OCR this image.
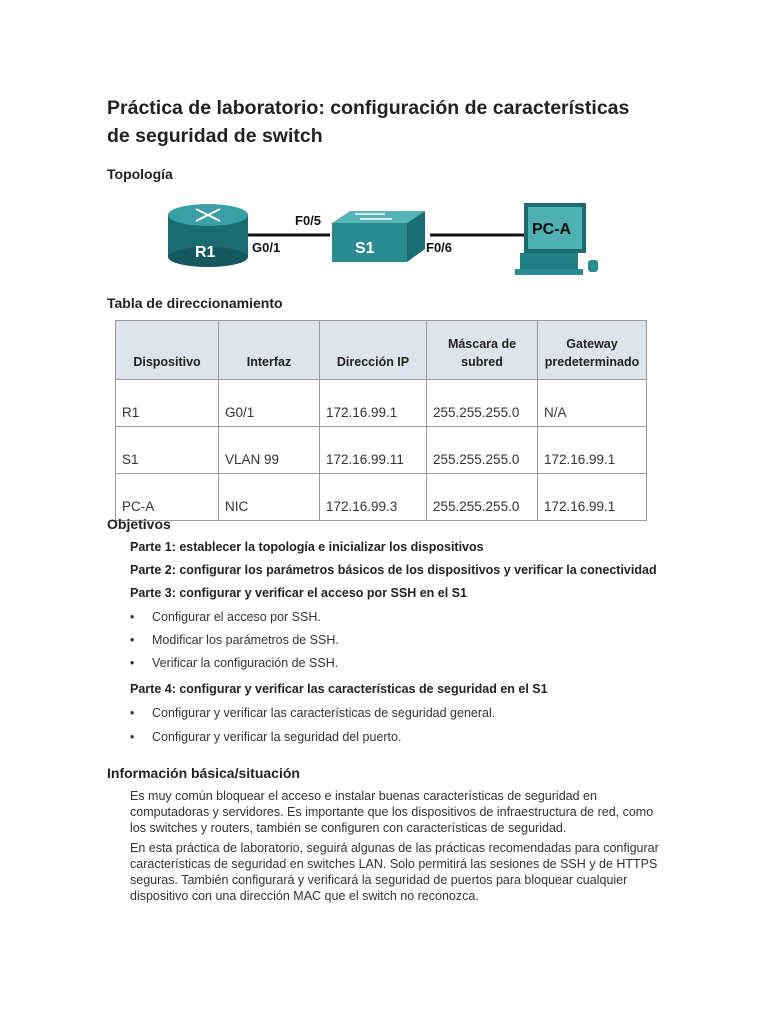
Práctica de laboratorio: configuración de características
de seguridad de switch
Topología
R1	S1
PC-A
F0/5
G0/1	F0/6
Tabla de direccionamiento
Dispositivo	Interfaz	Dirección IP	Máscara de subred	Gateway predeterminado
R1	G0/1	172.16.99.1	255.255.255.0	N/A
S1	VLAN 99	172.16.99.11	255.255.255.0	172.16.99.1
PC-A	NIC	172.16.99.3	255.255.255.0	172.16.99.1
Objetivos
Parte 1: establecer la topología e inicializar los dispositivos
Parte 2: configurar los parámetros básicos de los dispositivos y verificar la conectividad
Parte 3: configurar y verificar el acceso por SSH en el S1
• Configurar el acceso por SSH.
• Modificar los parámetros de SSH.
• Verificar la configuración de SSH.
Parte 4: configurar y verificar las características de seguridad en el S1
• Configurar y verificar las características de seguridad general.
• Configurar y verificar la seguridad del puerto.
Información básica/situación
Es muy común bloquear el acceso e instalar buenas características de seguridad en computadoras y servidores. Es importante que los dispositivos de infraestructura de red, como los switches y routers, también se configuren con características de seguridad.
En esta práctica de laboratorio, seguirá algunas de las prácticas recomendadas para configurar características de seguridad en switches LAN. Solo permitirá las sesiones de SSH y de HTTPS seguras. También configurará y verificará la seguridad de puertos para bloquear cualquier dispositivo con una dirección MAC que el switch no reconozca.
